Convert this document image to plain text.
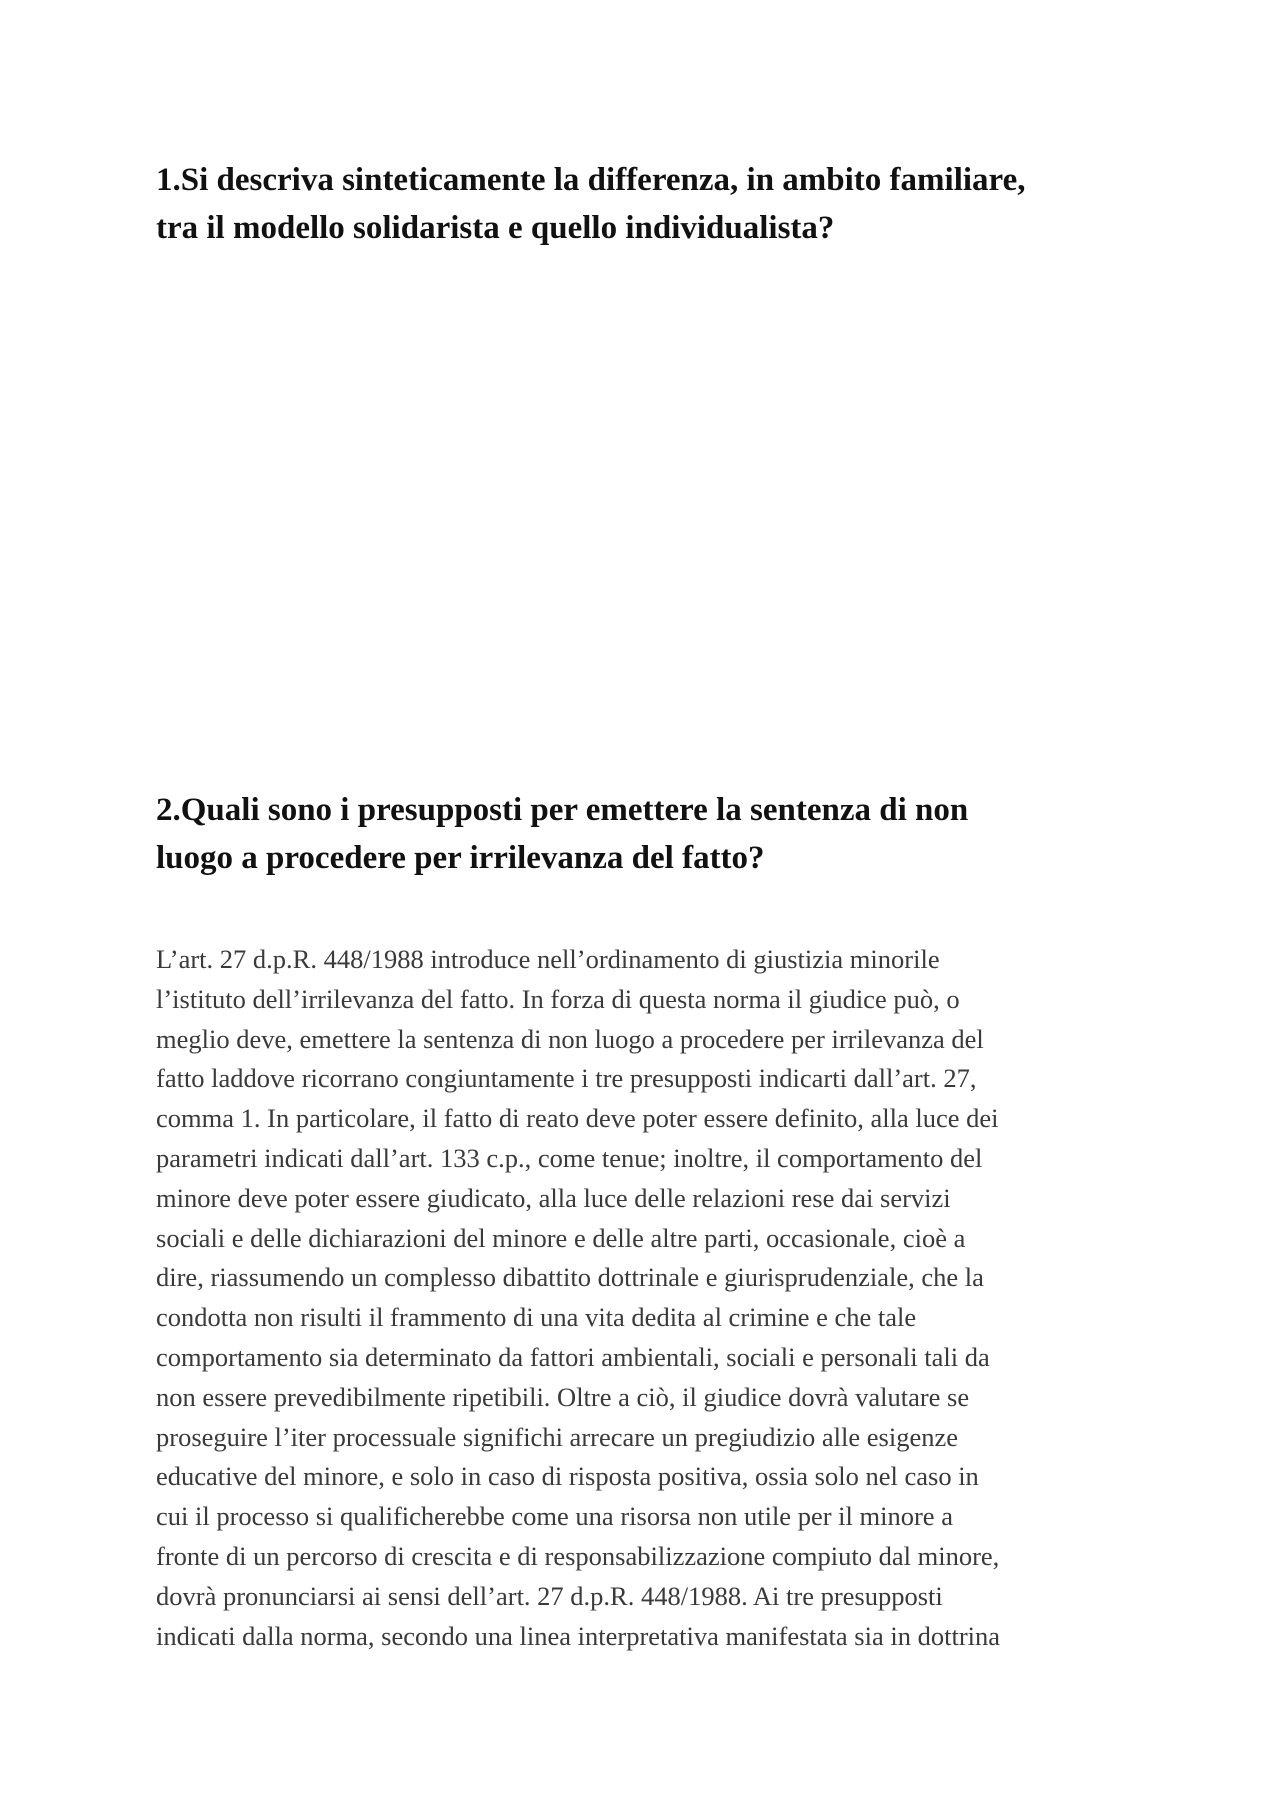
1.Si descriva sinteticamente la differenza, in ambito familiare,
tra il modello solidarista e quello individualista?
2.Quali sono i presupposti per emettere la sentenza di non
luogo a procedere per irrilevanza del fatto?

L’art. 27 d.p.R. 448/1988 introduce nell’ordinamento di giustizia minorile
l’istituto dell’irrilevanza del fatto. In forza di questa norma il giudice può, o
meglio deve, emettere la sentenza di non luogo a procedere per irrilevanza del
fatto laddove ricorrano congiuntamente i tre presupposti indicarti dall’art. 27,
comma 1. In particolare, il fatto di reato deve poter essere definito, alla luce dei
parametri indicati dall’art. 133 c.p., come tenue; inoltre, il comportamento del
minore deve poter essere giudicato, alla luce delle relazioni rese dai servizi
sociali e delle dichiarazioni del minore e delle altre parti, occasionale, cioè a
dire, riassumendo un complesso dibattito dottrinale e giurisprudenziale, che la
condotta non risulti il frammento di una vita dedita al crimine e che tale
comportamento sia determinato da fattori ambientali, sociali e personali tali da
non essere prevedibilmente ripetibili. Oltre a ciò, il giudice dovrà valutare se
proseguire l’iter processuale significhi arrecare un pregiudizio alle esigenze
educative del minore, e solo in caso di risposta positiva, ossia solo nel caso in
cui il processo si qualificherebbe come una risorsa non utile per il minore a
fronte di un percorso di crescita e di responsabilizzazione compiuto dal minore,
dovrà pronunciarsi ai sensi dell’art. 27 d.p.R. 448/1988. Ai tre presupposti
indicati dalla norma, secondo una linea interpretativa manifestata sia in dottrina
